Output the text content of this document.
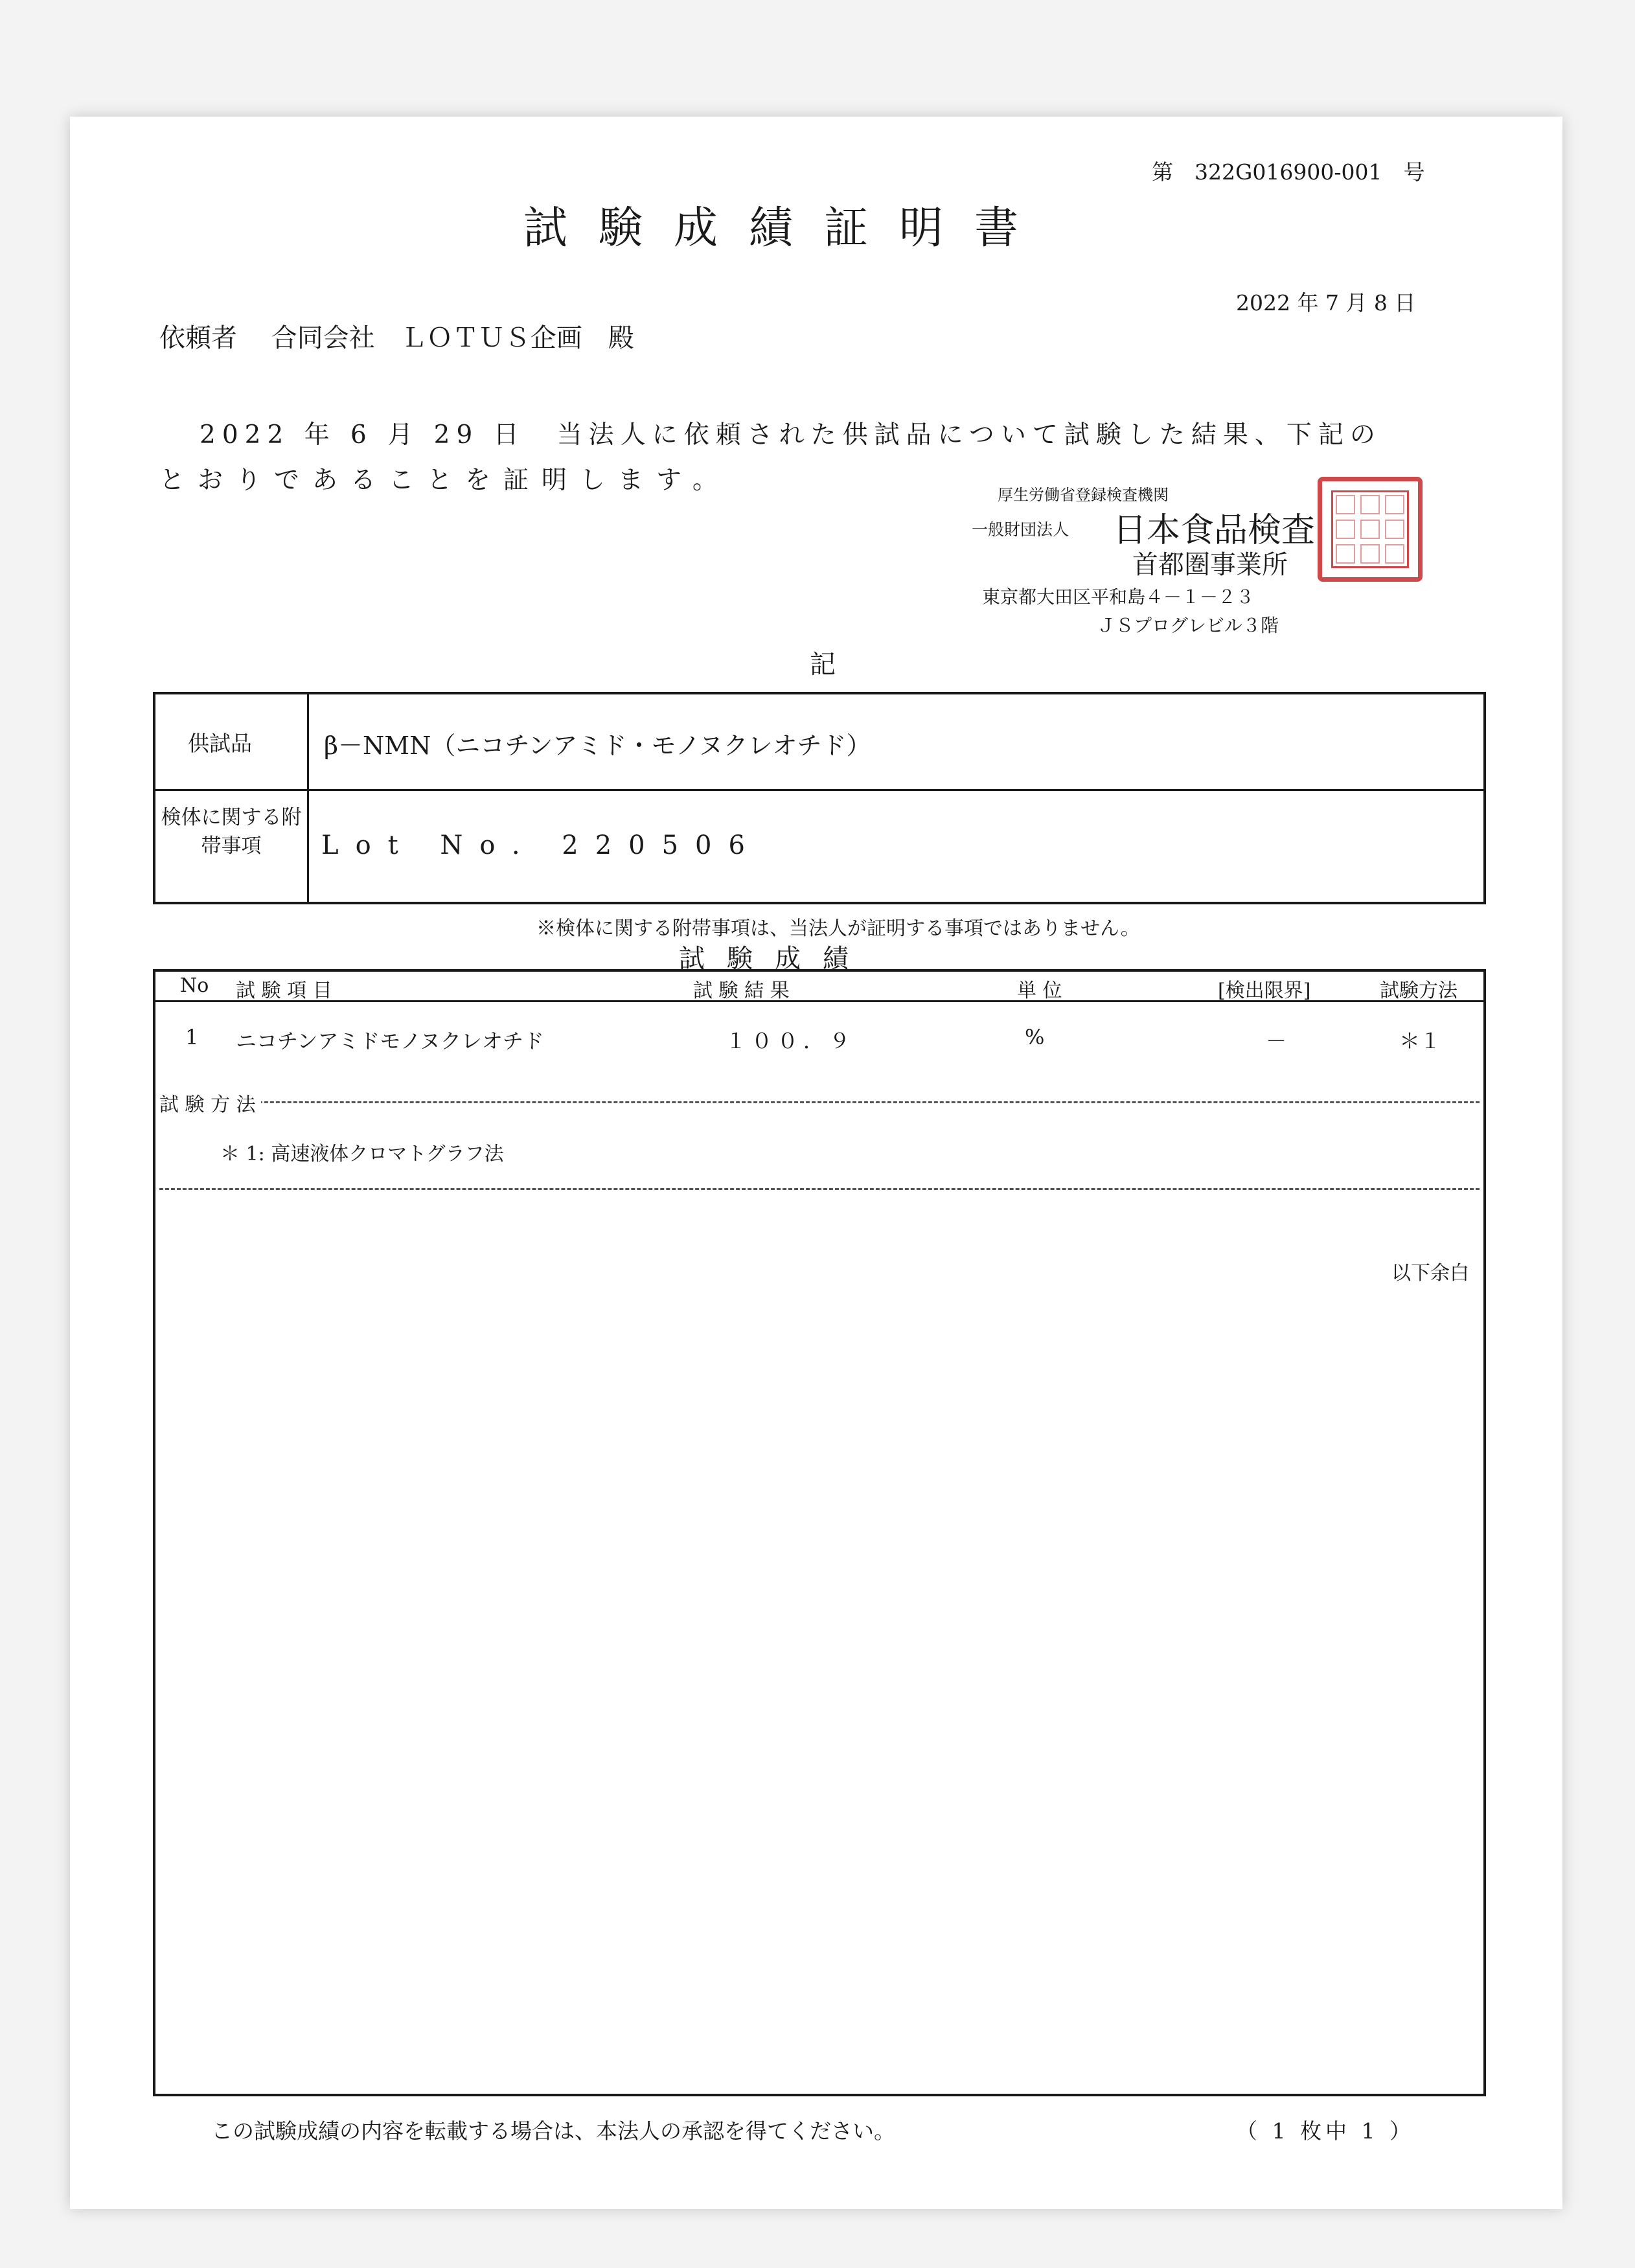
第　322G016900-001　号
試験成績証明書
2022 年 7 月 8 日
依頼者　 合同会社　ＬＯＴＵＳ企画　殿
2022 年 6 月 29 日　当法人に依頼された供試品について試験した結果、下記の
とおりであることを証明します。	厚生労働省登録検査機関
一般財団法人 日本食品検査
首都圏事業所
東京都大田区平和島４－１－２３
ＪＳプログレビル３階
記
供試品	β－NMN（ニコチンアミド・モノヌクレオチド）
検体に関する附帯事項	Lot No. 220506
※検体に関する附帯事項は、当法人が証明する事項ではありません。
試験成績
No 試 験 項 目	試 験 結 果	単 位	[検出限界]	試験方法
1 ニコチンアミドモノヌクレオチド	１００．９	%	－	＊１
試 験 方 法
＊ 1: 高速液体クロマトグラフ法
以下余白
この試験成績の内容を転載する場合は、本法人の承認を得てください。	（ 1 枚中 1 ）
